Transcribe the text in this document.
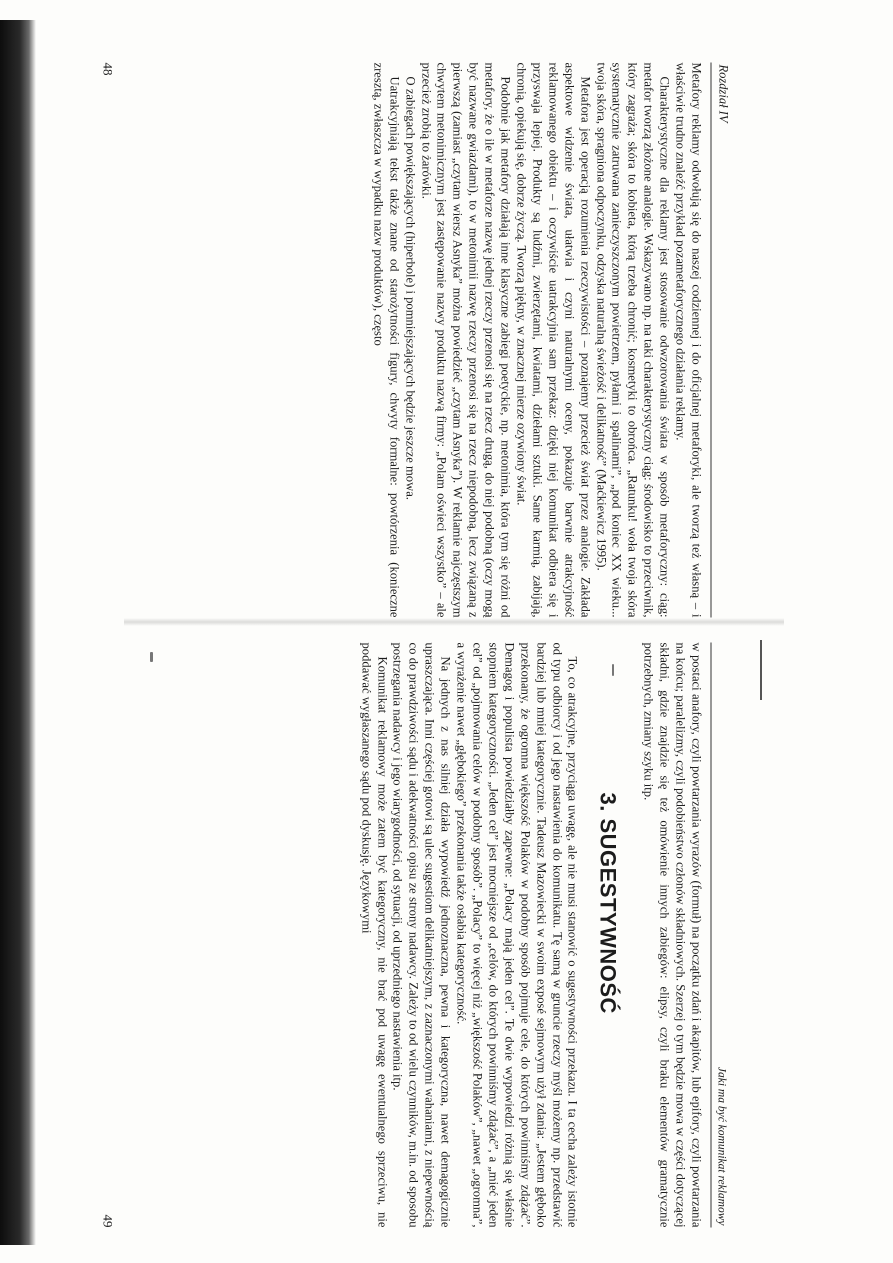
Rozdział IV

Metafory reklamy odwołują się do naszej codziennej i do oficjalnej metaforyki, ale tworzą też własną – i właściwie trudno znaleźć przykład pozametaforycznego działania reklamy.

Charakterystyczne dla reklamy jest stosowanie odwzorowania świata w sposób metaforyczny: ciąg: metafor tworzą złożone analogie. Wskazywano np. na taki charakterystyczny ciąg: środowisko to przeciwnik, który zagraża; skóra to kobieta, którą trzeba chronić; kosmetyki to obrońca. „Ratunku! woła twoja skóra systematycznie zatruwana zanieczyszczonym powietrzem, pyłami i spalinami”, „pod koniec XX wieku... twoja skóra, spragniona odpoczynku, odzyska naturalną świeżość i delikatność” (Maćkiewicz 1995).

Metafora jest operacją rozumienia rzeczywistości – poznajemy przecież świat przez analogie. Zakłada aspektowe widzenie świata, ułatwia i czyni naturalnymi oceny, pokazuje barwnie atrakcyjność reklamowanego obiektu – i oczywiście uatrakcyjnia sam przekaz: dzięki niej komunikat odbiera się i przyswaja lepiej. Produkty są ludźmi, zwierzętami, kwiatami, dziełami sztuki. Same karmią, zabijają, chronią, opiekują się, dobrze życzą. Tworzą piękny, w znacznej mierze ozywiony świat.

Podobnie jak metafory działają inne klasyczne zabiegi poetyckie, np. metonimia, która tym się różni od metafory, że o ile w metaforze nazwę jednej rzeczy przenosi się na rzecz drugą, do niej podobną (oczy mogą być nazwane gwiazdami), to w metonimii nazwę rzeczy przenosi się na rzecz niepodobną, lecz związaną z pierwszą (zamiast „czytam wiersz Asnyka” można powiedzieć „czytam Asnyka”). W reklamie najczęstszym chwytem metonimicznym jest zastępowanie nazwy produktu nazwą firmy: „Polam oświeci wszystko” – ale przecież zrobią to żarówki.

O zabiegach powiększających (hiperbole) i pomniejszających będzie jeszcze mowa.

Uatrakcyjniają tekst także znane od starożytności figury, chwyty formalne: powtórzenia (konieczne zresztą, zwłaszcza w wypadku nazw produktów), często

48
Jaki ma być komunikat reklamowy

w postaci anafory, czyli powtarzania wyrazów (formuł) na początku zdań i akapitów, lub epifory, czyli powtarzania na końcu; paralelizmy, czyli podobieństwo członów składniowych. Szerzej o tym będzie mowa w części dotyczącej składni, gdzie znajdzie się też omówienie innych zabiegów: elipsy, czyli braku elementów gramatycznie potrzebnych, zmiany szyku itp.

3. SUGESTYWNOŚĆ

To, co atrakcyjne, przyciąga uwagę, ale nie musi stanowić o sugestywności przekazu. I ta cecha zależy istotnie od typu odbiorcy i od jego nastawienia do komunikatu. Tę samą w gruncie rzeczy myśl możemy np. przedstawić bardziej lub mniej kategorycznie. Tadeusz Mazowiecki w swoim exposé sejmowym użył zdania: „Jestem głęboko przekonany, że ogromna większość Polaków w podobny sposób pojmuje cele, do których powinniśmy zdążać”. Demagog i populista powiedziałby zapewne: „Polacy mają jeden cel”. Te dwie wypowiedzi różnią się właśnie stopniem kategoryczności. „Jeden cel” jest mocniejsze od „celów, do których powinniśmy zdążać”, a „mieć jeden cel” od „pojmowania celów w podobny sposób”. „Polacy” to więcej niż „większość Polaków”, „nawet „ogromna”, a wyrażenie nawet „głębokiego” przekonania także osłabia kategoryczność.

Na jednych z nas silniej działa wypowiedź jednoznaczna, pewna i kategoryczna, nawet demagogicznie upraszczająca. Inni częściej gotowi są ulec sugestiom delikatniejszym, z zaznaczonymi wahaniami, z niepewnością co do prawdziwości sądu i adekwatności opisu ze strony nadawcy. Zależy to od wielu czynników, m.in. od sposobu postrzegania nadawcy i jego wiarygodności, od sytuacji, od uprzedniego nastawienia itp.

Komunikat reklamowy może zatem być kategoryczny, nie brać pod uwagę ewentualnego sprzeciwu, nie poddawać wygłaszanego sądu pod dyskusję. Językowymi

49
